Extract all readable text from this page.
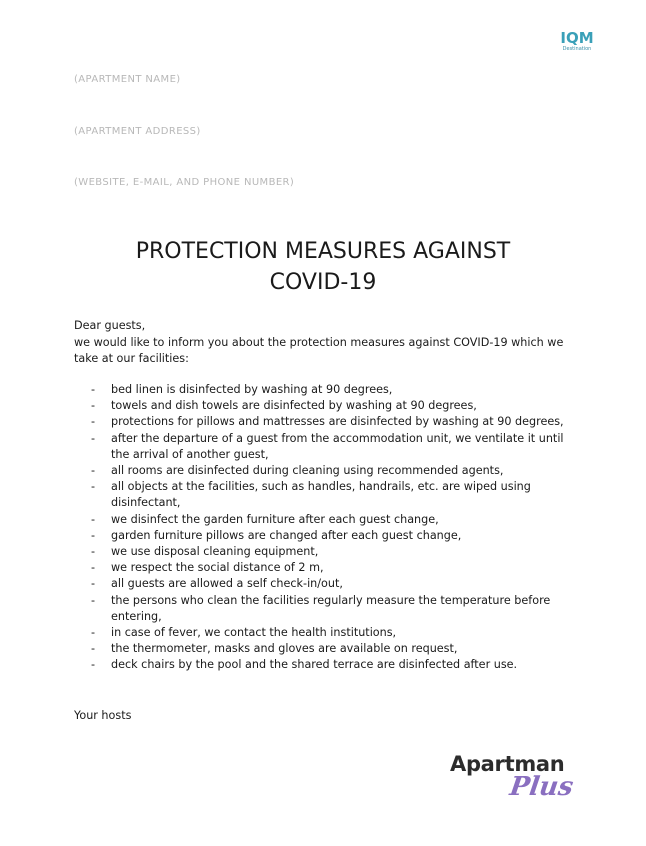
IQM
Destination
(APARTMENT NAME)
(APARTMENT ADDRESS)
(WEBSITE, E-MAIL, AND PHONE NUMBER)
PROTECTION MEASURES AGAINST
COVID-19
Dear guests,
we would like to inform you about the protection measures against COVID-19 which we take at our facilities:
- bed linen is disinfected by washing at 90 degrees,
- towels and dish towels are disinfected by washing at 90 degrees,
- protections for pillows and mattresses are disinfected by washing at 90 degrees,
- after the departure of a guest from the accommodation unit, we ventilate it until the arrival of another guest,
- all rooms are disinfected during cleaning using recommended agents,
- all objects at the facilities, such as handles, handrails, etc. are wiped using disinfectant,
- we disinfect the garden furniture after each guest change,
- garden furniture pillows are changed after each guest change,
- we use disposal cleaning equipment,
- we respect the social distance of 2 m,
- all guests are allowed a self check-in/out,
- the persons who clean the facilities regularly measure the temperature before entering,
- in case of fever, we contact the health institutions,
- the thermometer, masks and gloves are available on request,
- deck chairs by the pool and the shared terrace are disinfected after use.
Your hosts
Apartman
Plus
